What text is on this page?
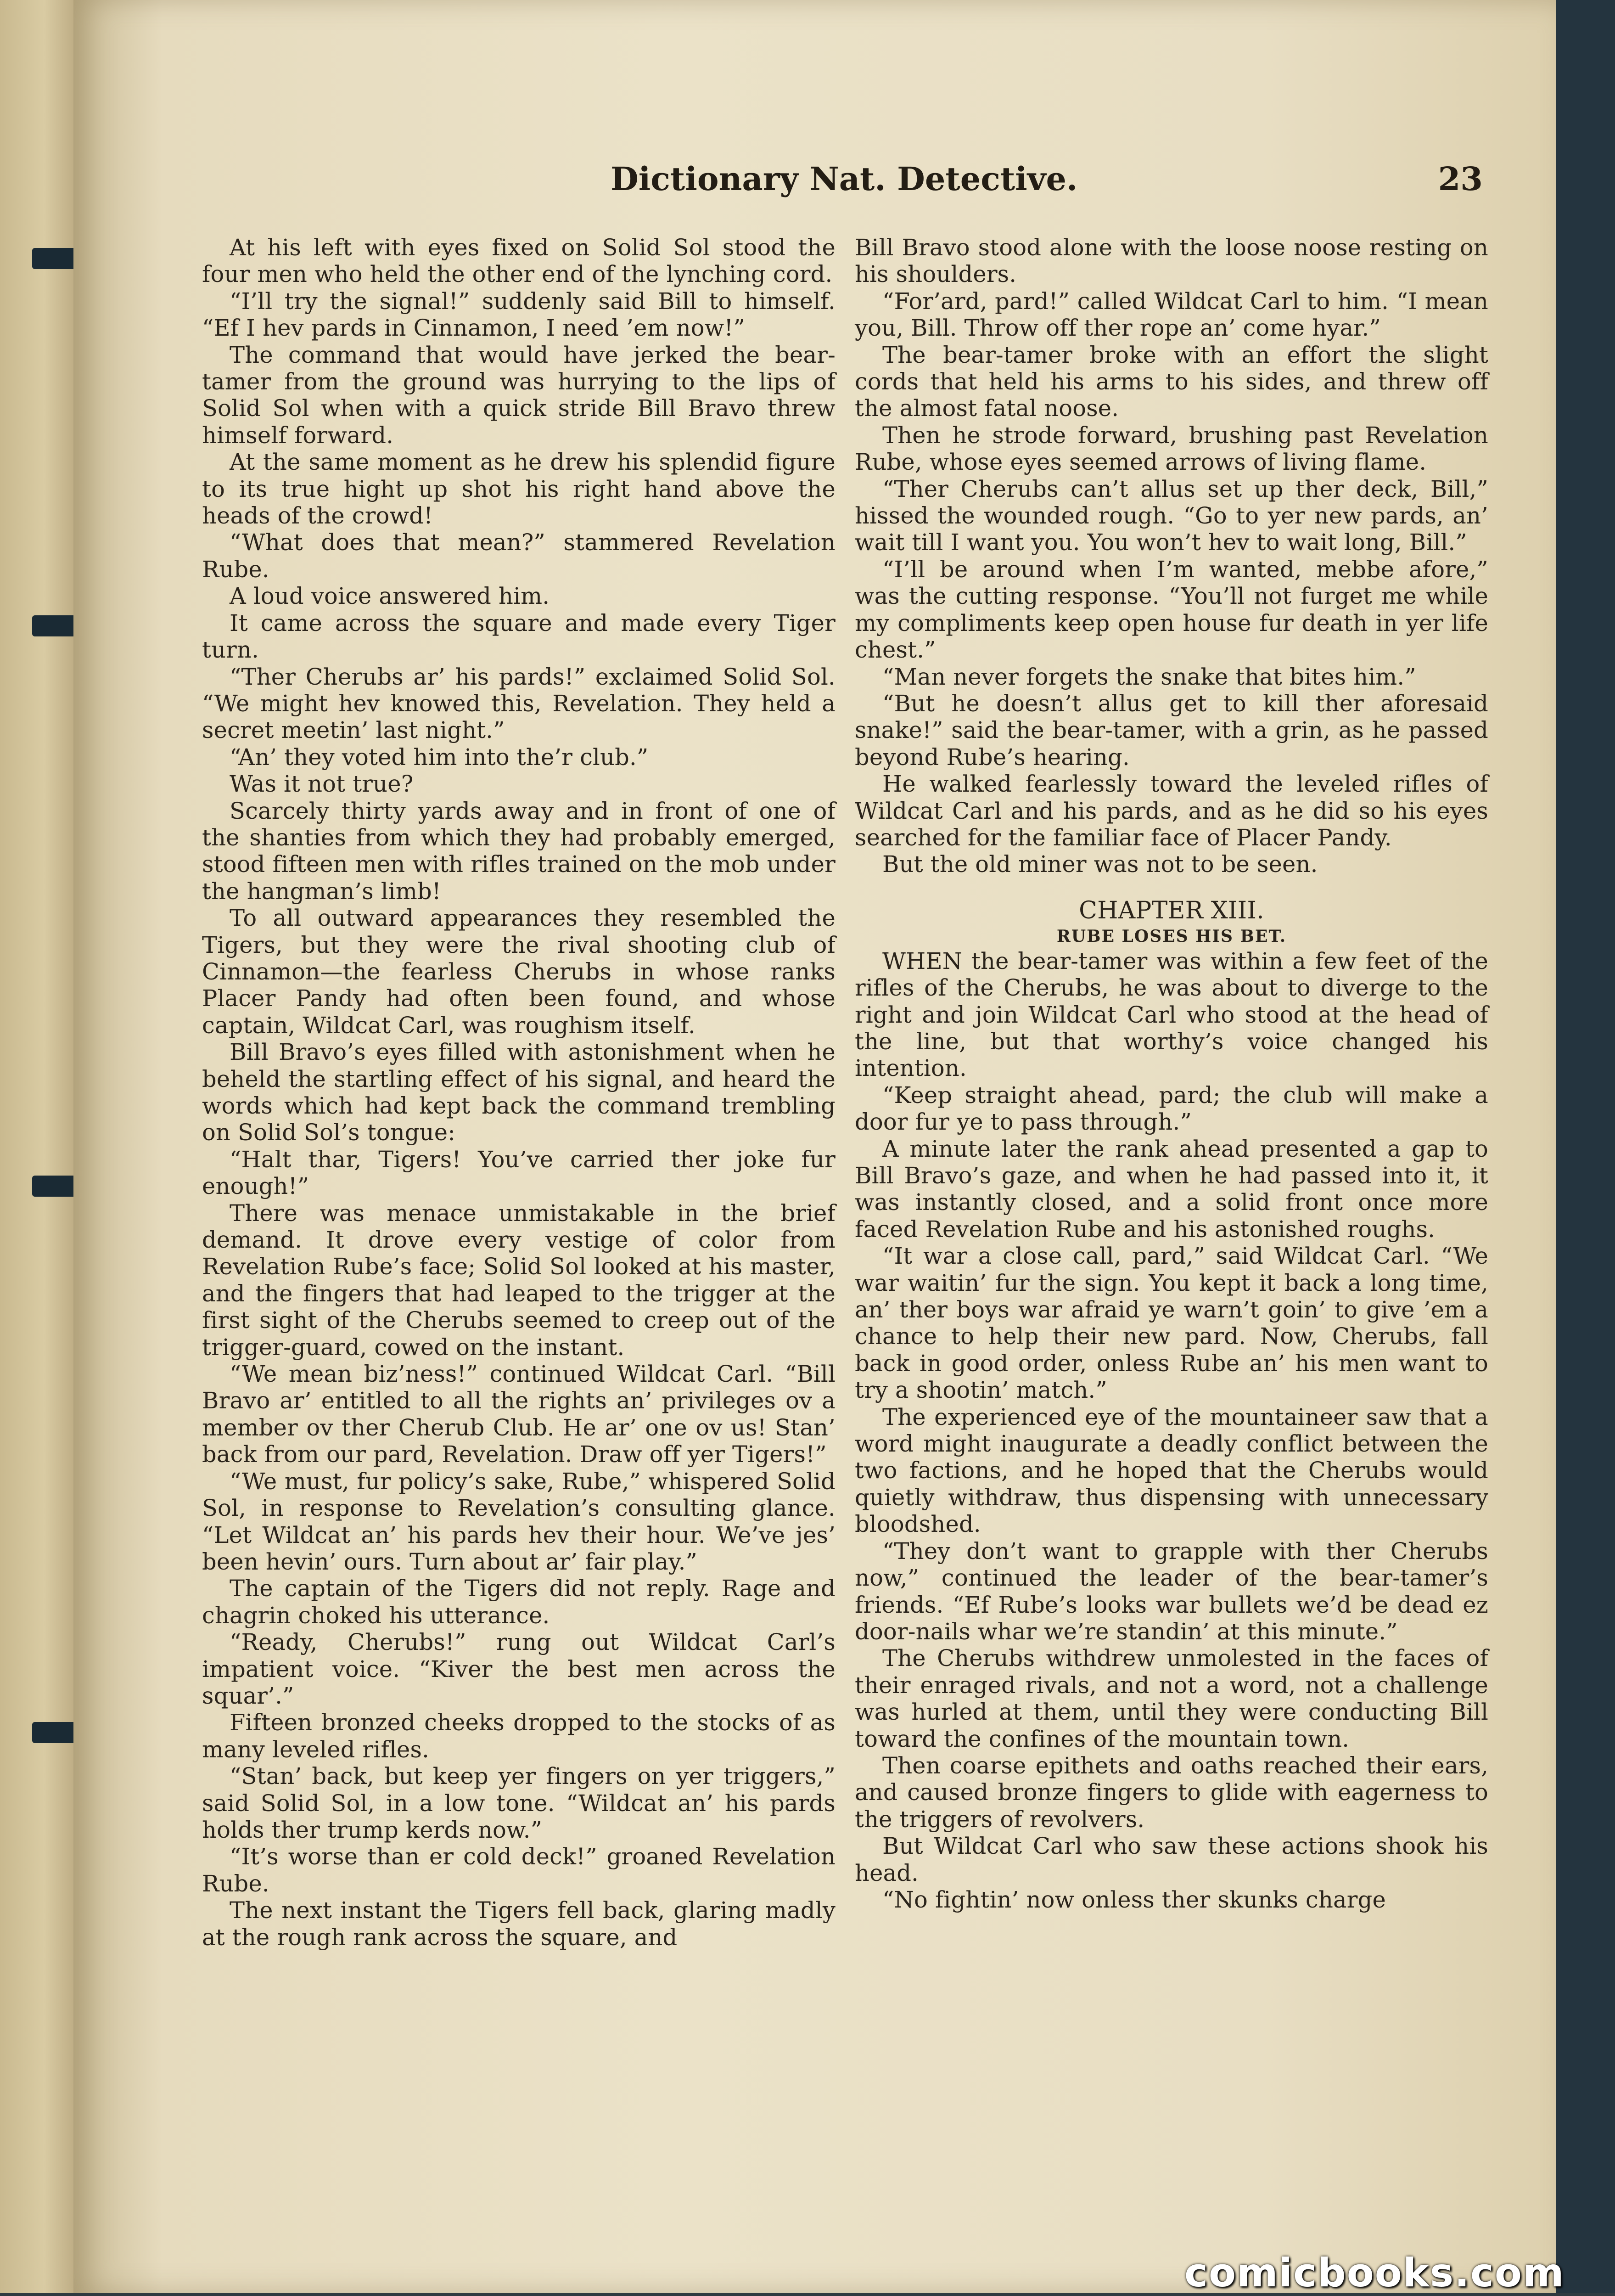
Dictionary Nat. Detective.	23

At his left with eyes fixed on Solid Sol stood the four men who held the other end of the lynching cord.

“I’ll try the signal!” suddenly said Bill to himself. “Ef I hev pards in Cinnamon, I need ’em now!”

The command that would have jerked the bear-tamer from the ground was hurrying to the lips of Solid Sol when with a quick stride Bill Bravo threw himself forward.

At the same moment as he drew his splendid figure to its true hight up shot his right hand above the heads of the crowd!

“What does that mean?” stammered Revelation Rube.

A loud voice answered him.

It came across the square and made every Tiger turn.

“Ther Cherubs ar’ his pards!” exclaimed Solid Sol. “We might hev knowed this, Revelation. They held a secret meetin’ last night.”

“An’ they voted him into the’r club.”

Was it not true?

Scarcely thirty yards away and in front of one of the shanties from which they had probably emerged, stood fifteen men with rifles trained on the mob under the hangman’s limb!

To all outward appearances they resembled the Tigers, but they were the rival shooting club of Cinnamon—the fearless Cherubs in whose ranks Placer Pandy had often been found, and whose captain, Wildcat Carl, was roughism itself.

Bill Bravo’s eyes filled with astonishment when he beheld the startling effect of his signal, and heard the words which had kept back the command trembling on Solid Sol’s tongue:

“Halt thar, Tigers! You’ve carried ther joke fur enough!”

There was menace unmistakable in the brief demand. It drove every vestige of color from Revelation Rube’s face; Solid Sol looked at his master, and the fingers that had leaped to the trigger at the first sight of the Cherubs seemed to creep out of the trigger-guard, cowed on the instant.

“We mean biz’ness!” continued Wildcat Carl. “Bill Bravo ar’ entitled to all the rights an’ privileges ov a member ov ther Cherub Club. He ar’ one ov us! Stan’ back from our pard, Revelation. Draw off yer Tigers!”

“We must, fur policy’s sake, Rube,” whispered Solid Sol, in response to Revelation’s consulting glance. “Let Wildcat an’ his pards hev their hour. We’ve jes’ been hevin’ ours. Turn about ar’ fair play.”

The captain of the Tigers did not reply. Rage and chagrin choked his utterance.

“Ready, Cherubs!” rung out Wildcat Carl’s impatient voice. “Kiver the best men across the squar’.”

Fifteen bronzed cheeks dropped to the stocks of as many leveled rifles.

“Stan’ back, but keep yer fingers on yer triggers,” said Solid Sol, in a low tone. “Wildcat an’ his pards holds ther trump kerds now.”

“It’s worse than er cold deck!” groaned Revelation Rube.

The next instant the Tigers fell back, glaring madly at the rough rank across the square, and

Bill Bravo stood alone with the loose noose resting on his shoulders.

“For’ard, pard!” called Wildcat Carl to him. “I mean you, Bill. Throw off ther rope an’ come hyar.”

The bear-tamer broke with an effort the slight cords that held his arms to his sides, and threw off the almost fatal noose.

Then he strode forward, brushing past Revelation Rube, whose eyes seemed arrows of living flame.

“Ther Cherubs can’t allus set up ther deck, Bill,” hissed the wounded rough. “Go to yer new pards, an’ wait till I want you. You won’t hev to wait long, Bill.”

“I’ll be around when I’m wanted, mebbe afore,” was the cutting response. “You’ll not furget me while my compliments keep open house fur death in yer life chest.”

“Man never forgets the snake that bites him.”

“But he doesn’t allus get to kill ther aforesaid snake!” said the bear-tamer, with a grin, as he passed beyond Rube’s hearing.

He walked fearlessly toward the leveled rifles of Wildcat Carl and his pards, and as he did so his eyes searched for the familiar face of Placer Pandy.

But the old miner was not to be seen.

CHAPTER XIII.

RUBE LOSES HIS BET.

WHEN the bear-tamer was within a few feet of the rifles of the Cherubs, he was about to diverge to the right and join Wildcat Carl who stood at the head of the line, but that worthy’s voice changed his intention.

“Keep straight ahead, pard; the club will make a door fur ye to pass through.”

A minute later the rank ahead presented a gap to Bill Bravo’s gaze, and when he had passed into it, it was instantly closed, and a solid front once more faced Revelation Rube and his astonished roughs.

“It war a close call, pard,” said Wildcat Carl. “We war waitin’ fur the sign. You kept it back a long time, an’ ther boys war afraid ye warn’t goin’ to give ’em a chance to help their new pard. Now, Cherubs, fall back in good order, onless Rube an’ his men want to try a shootin’ match.”

The experienced eye of the mountaineer saw that a word might inaugurate a deadly conflict between the two factions, and he hoped that the Cherubs would quietly withdraw, thus dispensing with unnecessary bloodshed.

“They don’t want to grapple with ther Cherubs now,” continued the leader of the bear-tamer’s friends. “Ef Rube’s looks war bullets we’d be dead ez door-nails whar we’re standin’ at this minute.”

The Cherubs withdrew unmolested in the faces of their enraged rivals, and not a word, not a challenge was hurled at them, until they were conducting Bill toward the confines of the mountain town.

Then coarse epithets and oaths reached their ears, and caused bronze fingers to glide with eagerness to the triggers of revolvers.

But Wildcat Carl who saw these actions shook his head.

“No fightin’ now onless ther skunks charge

comicbooks.com
